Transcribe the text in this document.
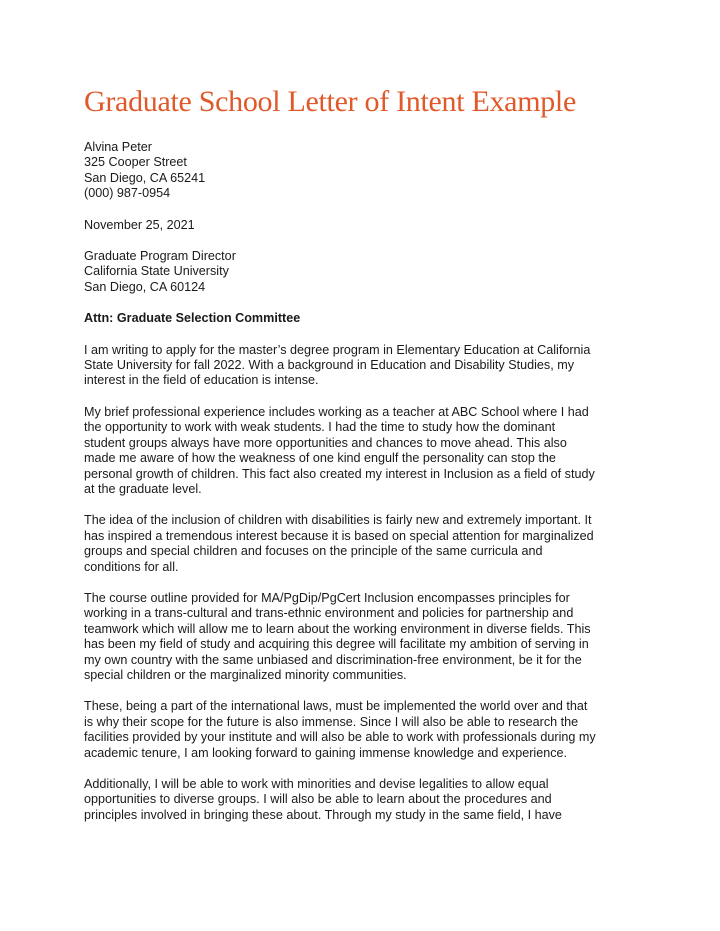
Graduate School Letter of Intent Example
Alvina Peter
325 Cooper Street
San Diego, CA 65241
(000) 987-0954
November 25, 2021
Graduate Program Director
California State University
San Diego, CA 60124
Attn: Graduate Selection Committee
I am writing to apply for the master’s degree program in Elementary Education at California
State University for fall 2022. With a background in Education and Disability Studies, my
interest in the field of education is intense.
My brief professional experience includes working as a teacher at ABC School where I had
the opportunity to work with weak students. I had the time to study how the dominant
student groups always have more opportunities and chances to move ahead. This also
made me aware of how the weakness of one kind engulf the personality can stop the
personal growth of children. This fact also created my interest in Inclusion as a field of study
at the graduate level.
The idea of the inclusion of children with disabilities is fairly new and extremely important. It
has inspired a tremendous interest because it is based on special attention for marginalized
groups and special children and focuses on the principle of the same curricula and
conditions for all.
The course outline provided for MA/PgDip/PgCert Inclusion encompasses principles for
working in a trans-cultural and trans-ethnic environment and policies for partnership and
teamwork which will allow me to learn about the working environment in diverse fields. This
has been my field of study and acquiring this degree will facilitate my ambition of serving in
my own country with the same unbiased and discrimination-free environment, be it for the
special children or the marginalized minority communities.
These, being a part of the international laws, must be implemented the world over and that
is why their scope for the future is also immense. Since I will also be able to research the
facilities provided by your institute and will also be able to work with professionals during my
academic tenure, I am looking forward to gaining immense knowledge and experience.
Additionally, I will be able to work with minorities and devise legalities to allow equal
opportunities to diverse groups. I will also be able to learn about the procedures and
principles involved in bringing these about. Through my study in the same field, I have
